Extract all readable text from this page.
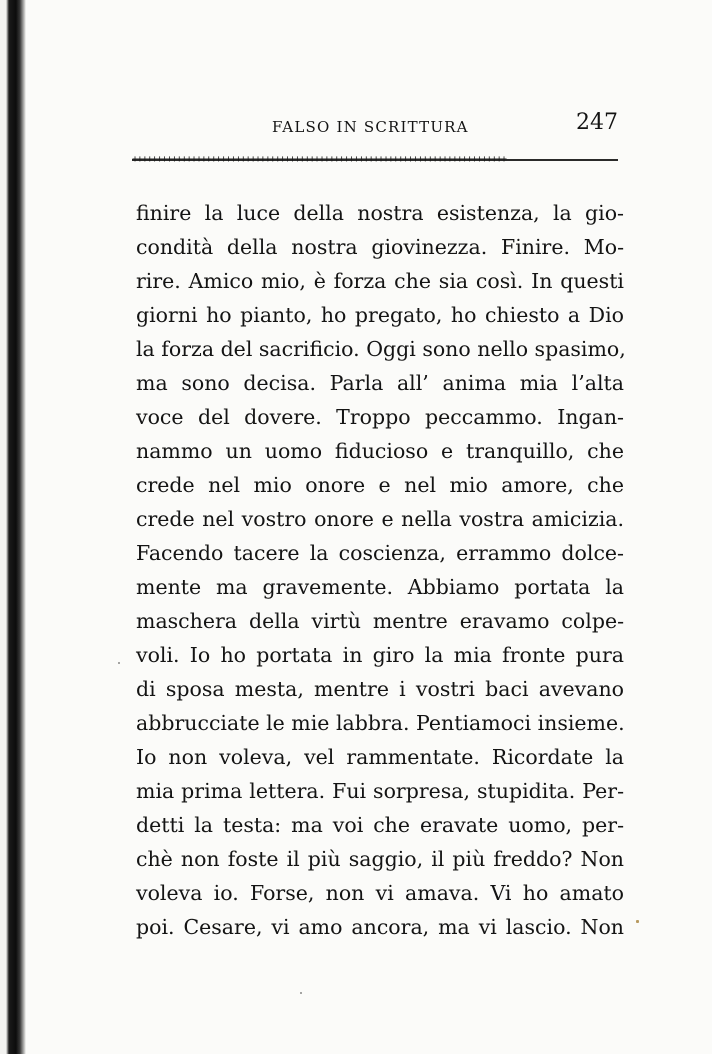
FALSO IN SCRITTURA	247
++++++++++++++++++++++++++++++++++++++++++++++++++++++++++++++++++++++++++++
finire la luce della nostra esistenza, la gio-
condità della nostra giovinezza. Finire. Mo-
rire. Amico mio, è forza che sia così. In questi
giorni ho pianto, ho pregato, ho chiesto a Dio
la forza del sacrificio. Oggi sono nello spasimo,
ma sono decisa. Parla all’ anima mia l’alta
voce del dovere. Troppo peccammo. Ingan-
nammo un uomo fiducioso e tranquillo, che
crede nel mio onore e nel mio amore, che
crede nel vostro onore e nella vostra amicizia.
Facendo tacere la coscienza, errammo dolce-
mente ma gravemente. Abbiamo portata la
maschera della virtù mentre eravamo colpe-
voli. Io ho portata in giro la mia fronte pura
di sposa mesta, mentre i vostri baci avevano
abbrucciate le mie labbra. Pentiamoci insieme.
Io non voleva, vel rammentate. Ricordate la
mia prima lettera. Fui sorpresa, stupidita. Per-
detti la testa: ma voi che eravate uomo, per-
chè non foste il più saggio, il più freddo? Non
voleva io. Forse, non vi amava. Vi ho amato
poi. Cesare, vi amo ancora, ma vi lascio. Non
